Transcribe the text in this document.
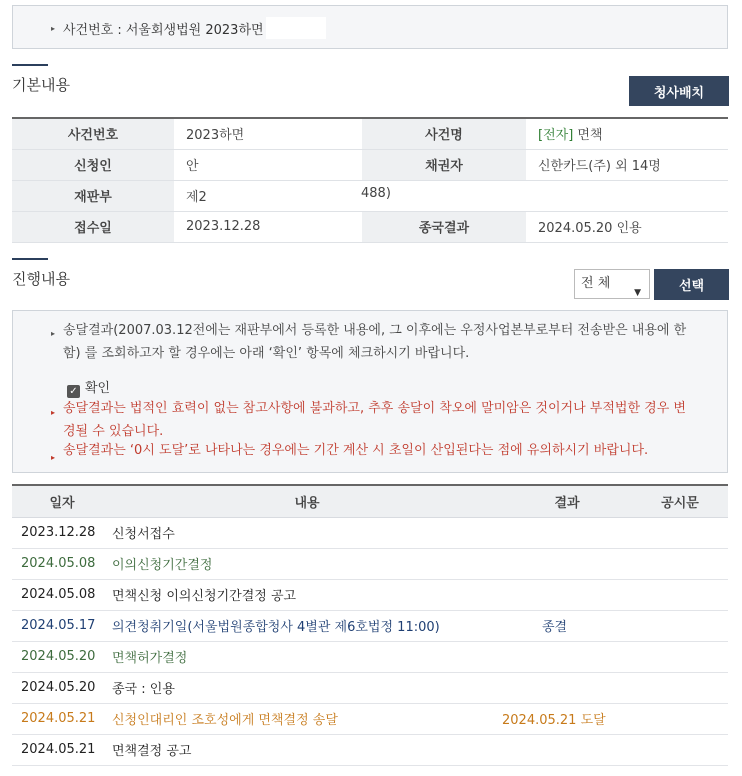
▸ 사건번호 : 서울회생법원 2023하면
기본내용	청사배치
사건번호	2023하면	사건명	[전자] 면책
신청인	안	채권자	신한카드(주) 외 14명
재판부	제2 488)		

접수일	2023.12.28	종국결과	2024.05.20 인용
진행내용	전 체
▼	선택
▸ 송달결과(2007.03.12전에는 재판부에서 등록한 내용에, 그 이후에는 우정사업본부로부터 전송받은 내용에 한함) 를 조회하고자 할 경우에는 아래 ‘확인’ 항목에 체크하시기 바랍니다.

✓ 확인
▸ 송달결과는 법적인 효력이 없는 참고사항에 불과하고, 추후 송달이 착오에 말미암은 것이거나 부적법한 경우 변경될 수 있습니다.

▸ 송달결과는 ‘0시 도달’로 나타나는 경우에는 기간 계산 시 초일이 산입된다는 점에 유의하시기 바랍니다.

일자	내용	결과	공시문
2023.12.28	신청서접수		
2024.05.08	이의신청기간결정		
2024.05.08	면책신청 이의신청기간결정 공고		
2024.05.17	의견청취기일(서울법원종합청사 4별관 제6호법정 11:00)	종결	
2024.05.20	면책허가결정		
2024.05.20	종국 : 인용		
2024.05.21	신청인대리인 조호성에게 면책결정 송달	2024.05.21 도달	
2024.05.21	면책결정 공고		
